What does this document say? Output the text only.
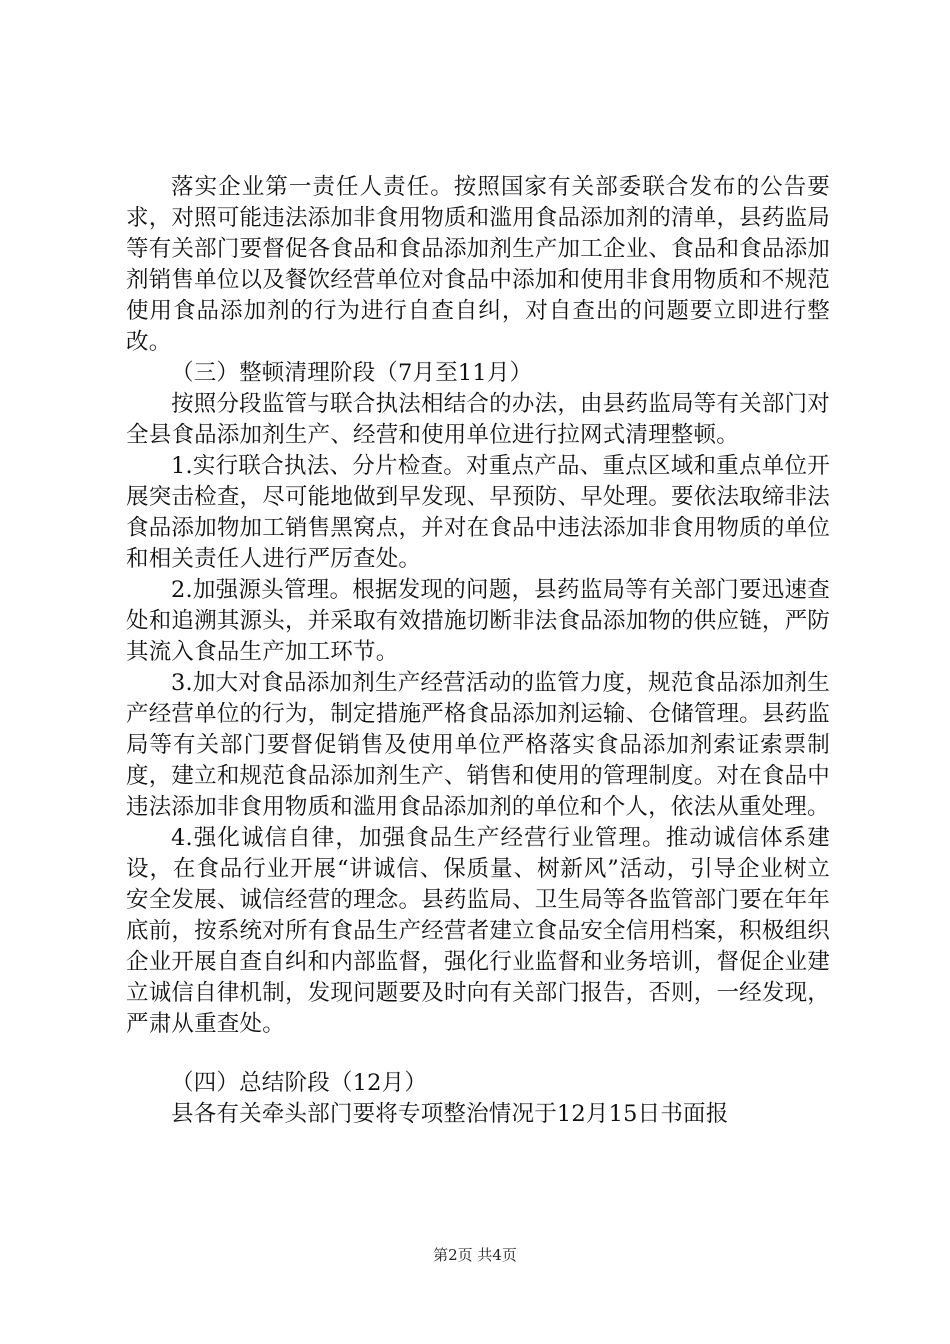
落实企业第一责任人责任。按照国家有关部委联合发布的公告要求，对照可能违法添加非食用物质和滥用食品添加剂的清单，县药监局等有关部门要督促各食品和食品添加剂生产加工企业、食品和食品添加剂销售单位以及餐饮经营单位对食品中添加和使用非食用物质和不规范使用食品添加剂的行为进行自查自纠，对自查出的问题要立即进行整改。

（三）整顿清理阶段（7月至11月）

按照分段监管与联合执法相结合的办法，由县药监局等有关部门对全县食品添加剂生产、经营和使用单位进行拉网式清理整顿。

1.实行联合执法、分片检查。对重点产品、重点区域和重点单位开展突击检查，尽可能地做到早发现、早预防、早处理。要依法取缔非法食品添加物加工销售黑窝点，并对在食品中违法添加非食用物质的单位和相关责任人进行严厉查处。

2.加强源头管理。根据发现的问题，县药监局等有关部门要迅速查处和追溯其源头，并采取有效措施切断非法食品添加物的供应链，严防其流入食品生产加工环节。

3.加大对食品添加剂生产经营活动的监管力度，规范食品添加剂生产经营单位的行为，制定措施严格食品添加剂运输、仓储管理。县药监局等有关部门要督促销售及使用单位严格落实食品添加剂索证索票制度，建立和规范食品添加剂生产、销售和使用的管理制度。对在食品中违法添加非食用物质和滥用食品添加剂的单位和个人，依法从重处理。

4.强化诚信自律，加强食品生产经营行业管理。推动诚信体系建设，在食品行业开展“讲诚信、保质量、树新风”活动，引导企业树立安全发展、诚信经营的理念。县药监局、卫生局等各监管部门要在年年底前，按系统对所有食品生产经营者建立食品安全信用档案，积极组织企业开展自查自纠和内部监督，强化行业监督和业务培训，督促企业建立诚信自律机制，发现问题要及时向有关部门报告，否则，一经发现，严肃从重查处。

（四）总结阶段（12月）

县各有关牵头部门要将专项整治情况于12月15日书面报

第2页 共4页
